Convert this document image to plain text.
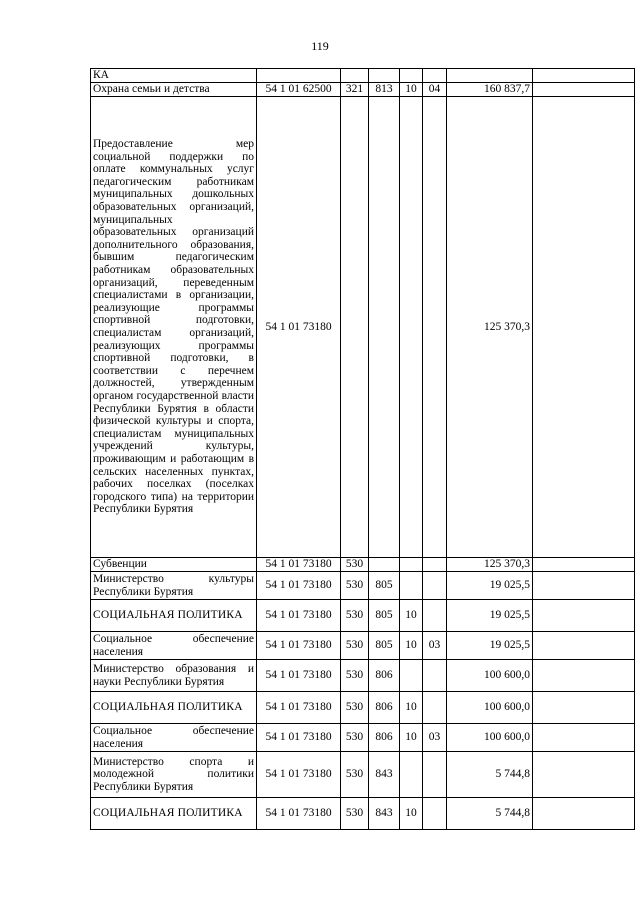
119
КА							
Охрана семьи и детства	54 1 01 62500	321	813	10	04	160 837,7	
Предоставление мер социальной поддержки по оплате коммунальных услуг педагогическим работникам муниципальных дошкольных образовательных организаций, муниципальных образовательных организаций дополнительного образования, бывшим педагогическим работникам образовательных организаций, переведенным специалистами в организации, реализующие программы спортивной подготовки, специалистам организаций, реализующих программы спортивной подготовки, в соответствии с перечнем должностей, утвержденным органом государственной власти Республики Бурятия в области физической культуры и спорта, специалистам муниципальных учреждений культуры, проживающим и работающим в сельских населенных пунктах, рабочих поселках (поселках городского типа) на территории Республики Бурятия	54 1 01 73180					125 370,3	
Субвенции	54 1 01 73180	530				125 370,3	
Министерство культуры Республики Бурятия	54 1 01 73180	530	805			19 025,5	
СОЦИАЛЬНАЯ ПОЛИТИКА	54 1 01 73180	530	805	10		19 025,5	
Социальное обеспечение населения	54 1 01 73180	530	805	10	03	19 025,5	
Министерство образования и науки Республики Бурятия	54 1 01 73180	530	806			100 600,0	
СОЦИАЛЬНАЯ ПОЛИТИКА	54 1 01 73180	530	806	10		100 600,0	
Социальное обеспечение населения	54 1 01 73180	530	806	10	03	100 600,0	
Министерство спорта и молодежной политики Республики Бурятия	54 1 01 73180	530	843			5 744,8	
СОЦИАЛЬНАЯ ПОЛИТИКА	54 1 01 73180	530	843	10		5 744,8	
